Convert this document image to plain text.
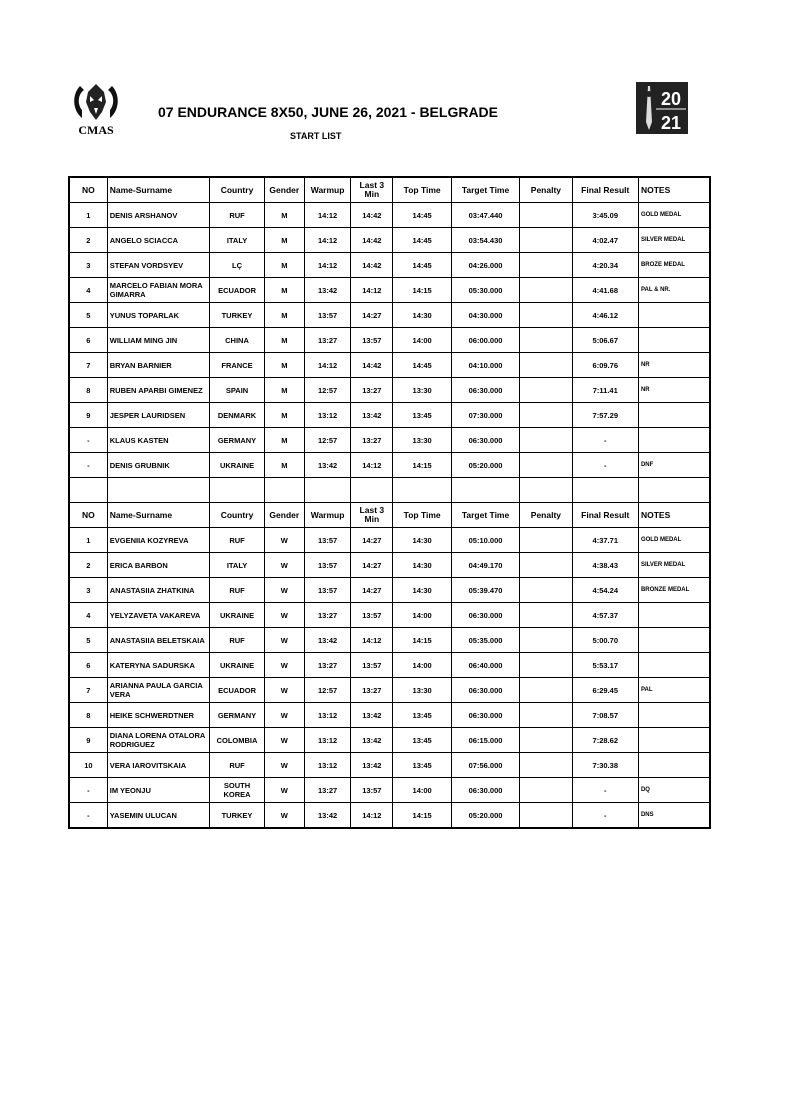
CMAS
20
21
07 ENDURANCE 8X50, JUNE 26, 2021 - BELGRADE
START LIST
NO	Name-Surname	Country	Gender	Warmup	Last 3 Min	Top Time	Target Time	Penalty	Final Result	NOTES
1	DENIS ARSHANOV	RUF	M	14:12	14:42	14:45	03:47.440		3:45.09	GOLD MEDAL
2	ANGELO SCIACCA	ITALY	M	14:12	14:42	14:45	03:54.430		4:02.47	SILVER MEDAL
3	STEFAN VORDSYEV	LÇ	M	14:12	14:42	14:45	04:26.000		4:20.34	BROZE MEDAL
4	MARCELO FABIAN MORA GIMARRA	ECUADOR	M	13:42	14:12	14:15	05:30.000		4:41.68	PAL & NR.
5	YUNUS TOPARLAK	TURKEY	M	13:57	14:27	14:30	04:30.000		4:46.12	
6	WILLIAM MING JIN	CHINA	M	13:27	13:57	14:00	06:00.000		5:06.67	
7	BRYAN BARNIER	FRANCE	M	14:12	14:42	14:45	04:10.000		6:09.76	NR
8	RUBEN APARBI GIMENEZ	SPAIN	M	12:57	13:27	13:30	06:30.000		7:11.41	NR
9	JESPER LAURIDSEN	DENMARK	M	13:12	13:42	13:45	07:30.000		7:57.29	
-	KLAUS KASTEN	GERMANY	M	12:57	13:27	13:30	06:30.000		-	
-	DENIS GRUBNIK	UKRAINE	M	13:42	14:12	14:15	05:20.000		-	DNF

NO	Name-Surname	Country	Gender	Warmup	Last 3 Min	Top Time	Target Time	Penalty	Final Result	NOTES
1	EVGENIIA KOZYREVA	RUF	W	13:57	14:27	14:30	05:10.000		4:37.71	GOLD MEDAL
2	ERICA BARBON	ITALY	W	13:57	14:27	14:30	04:49.170		4:38.43	SILVER MEDAL
3	ANASTASIIA ZHATKINA	RUF	W	13:57	14:27	14:30	05:39.470		4:54.24	BRONZE MEDAL
4	YELYZAVETA VAKAREVA	UKRAINE	W	13:27	13:57	14:00	06:30.000		4:57.37	
5	ANASTASIIA BELETSKAIA	RUF	W	13:42	14:12	14:15	05:35.000		5:00.70	
6	KATERYNA SADURSKA	UKRAINE	W	13:27	13:57	14:00	06:40.000		5:53.17	
7	ARIANNA PAULA GARCIA VERA	ECUADOR	W	12:57	13:27	13:30	06:30.000		6:29.45	PAL
8	HEIKE SCHWERDTNER	GERMANY	W	13:12	13:42	13:45	06:30.000		7:08.57	
9	DIANA LORENA OTALORA RODRIGUEZ	COLOMBIA	W	13:12	13:42	13:45	06:15.000		7:28.62	
10	VERA IAROVITSKAIA	RUF	W	13:12	13:42	13:45	07:56.000		7:30.38	
-	IM YEONJU	SOUTH KOREA	W	13:27	13:57	14:00	06:30.000		-	DQ
-	YASEMIN ULUCAN	TURKEY	W	13:42	14:12	14:15	05:20.000		-	DNS
